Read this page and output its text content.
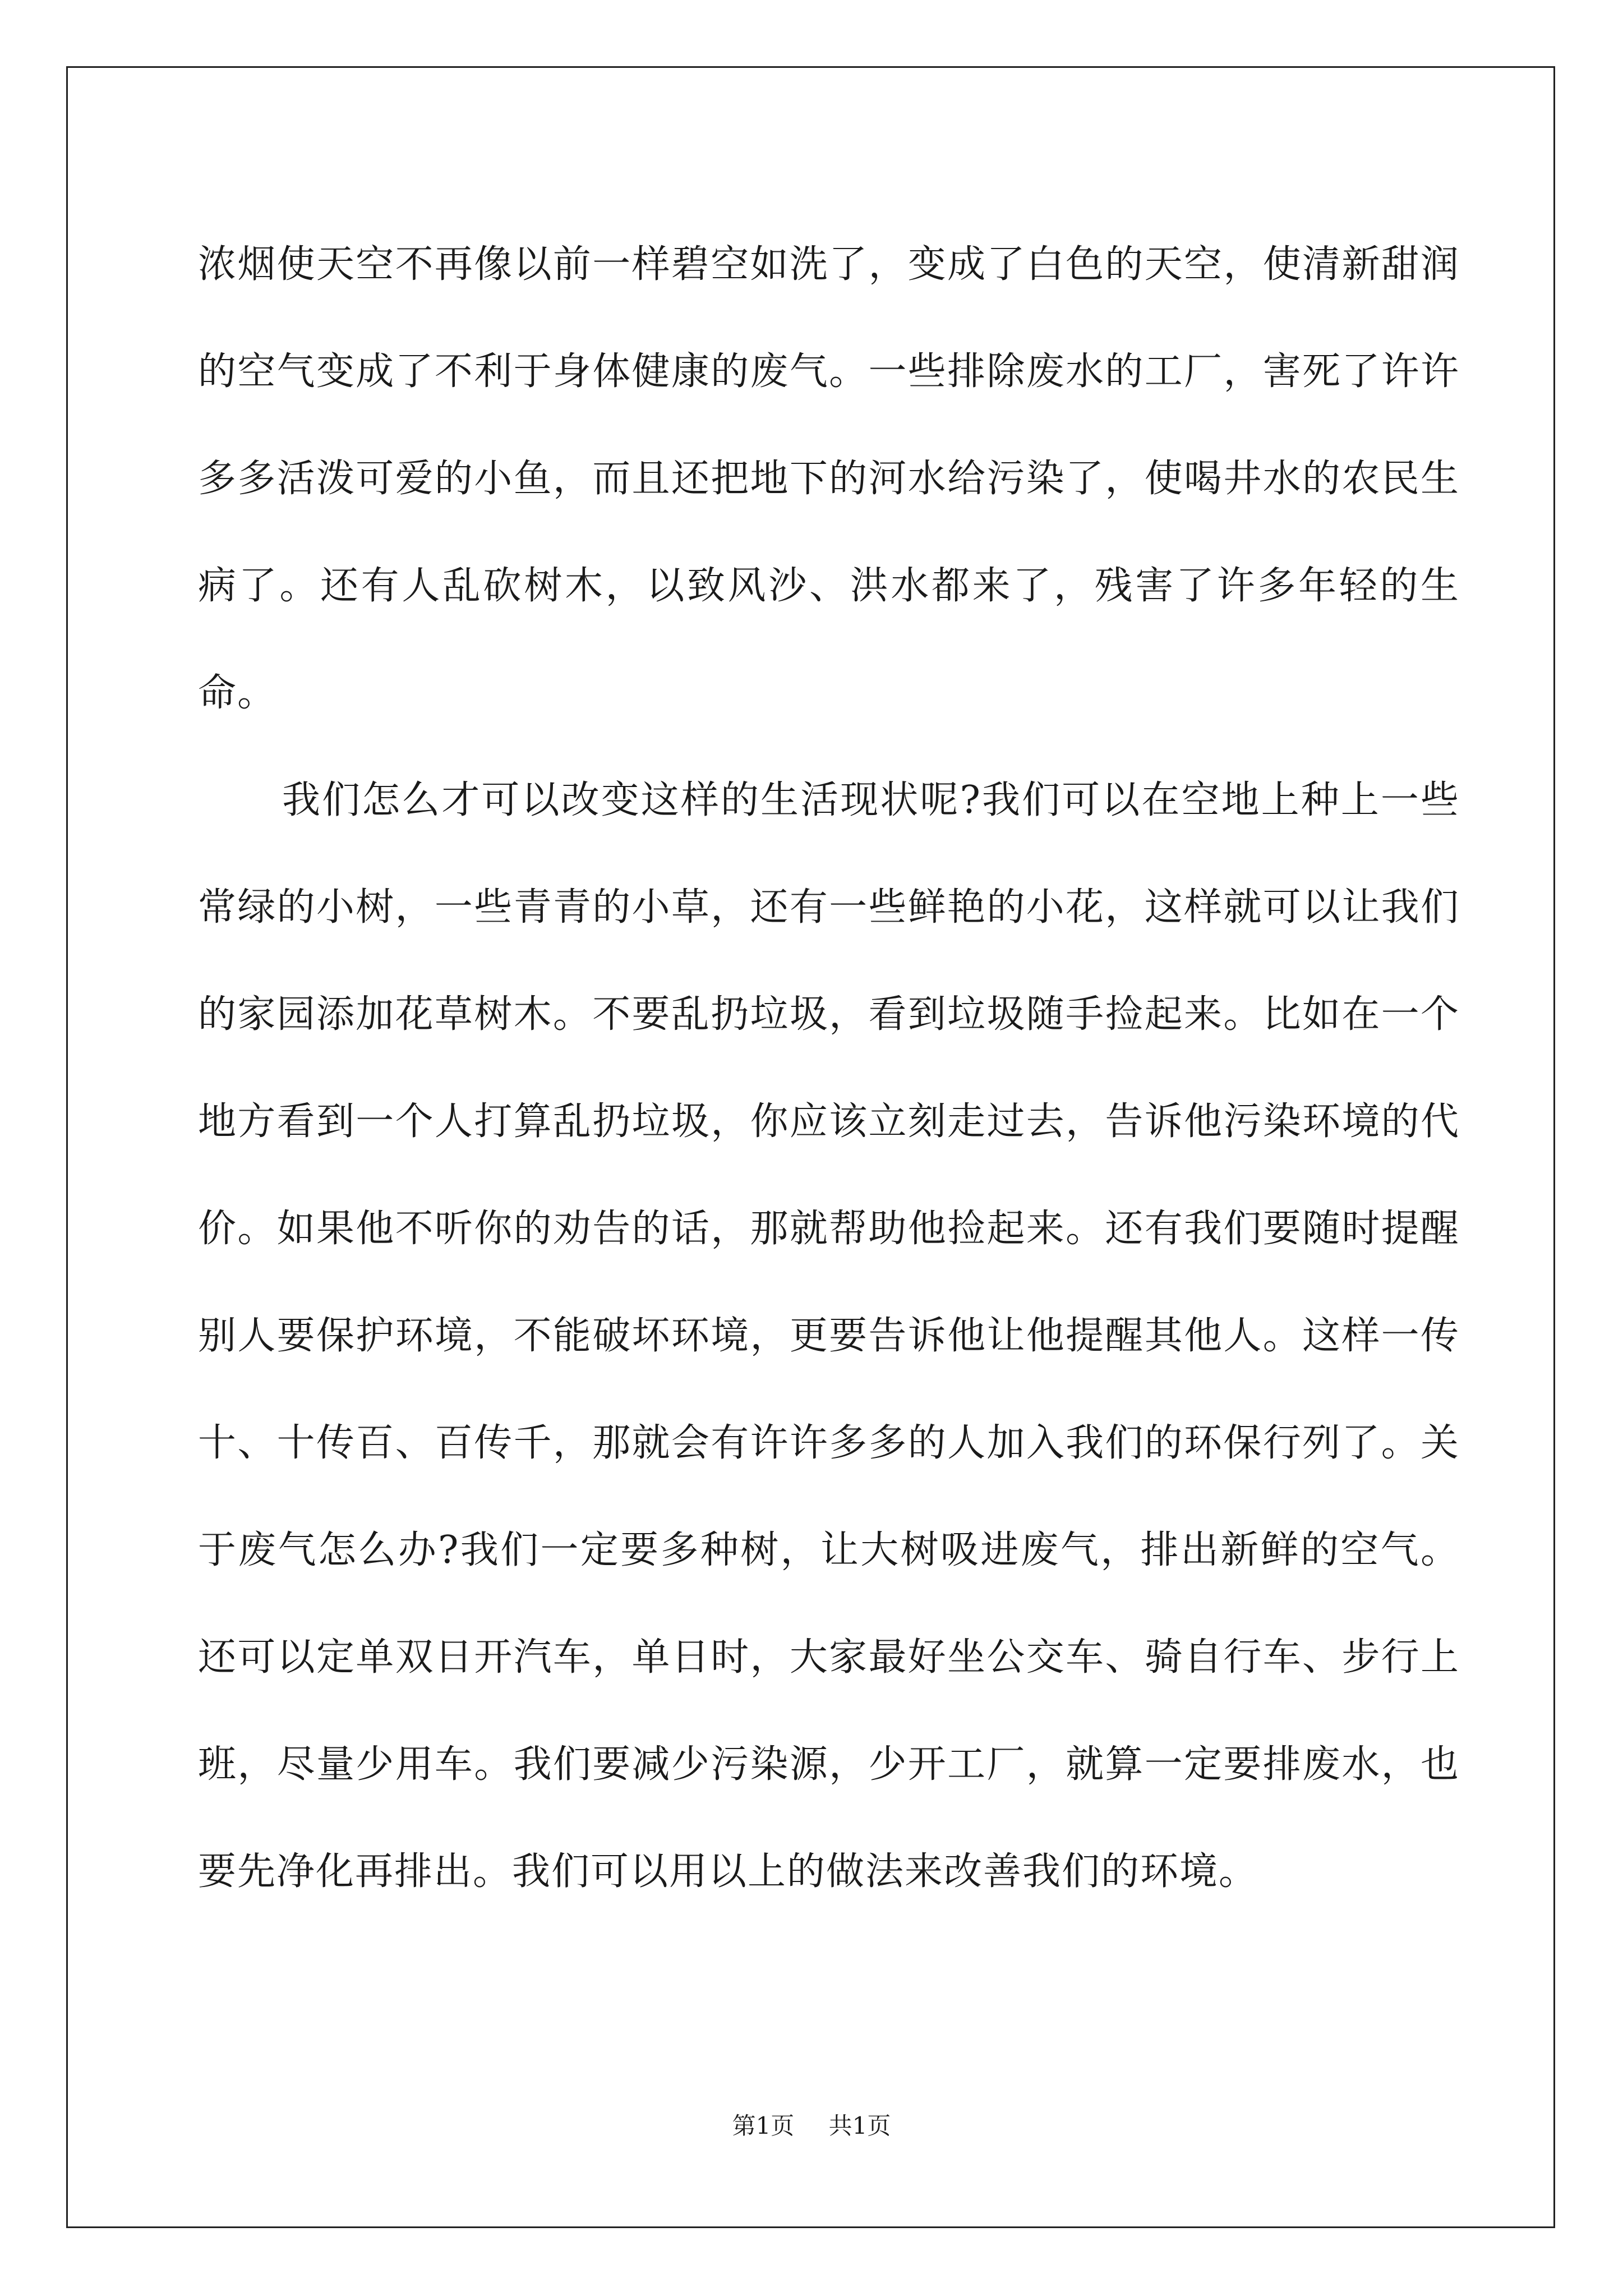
浓烟使天空不再像以前一样碧空如洗了，变成了白色的天空，使清新甜润的空气变成了不利于身体健康的废气。一些排除废水的工厂，害死了许许多多活泼可爱的小鱼，而且还把地下的河水给污染了，使喝井水的农民生病了。还有人乱砍树木，以致风沙、洪水都来了，残害了许多年轻的生命。

我们怎么才可以改变这样的生活现状呢?我们可以在空地上种上一些常绿的小树，一些青青的小草，还有一些鲜艳的小花，这样就可以让我们的家园添加花草树木。不要乱扔垃圾，看到垃圾随手捡起来。比如在一个地方看到一个人打算乱扔垃圾，你应该立刻走过去，告诉他污染环境的代价。如果他不听你的劝告的话，那就帮助他捡起来。还有我们要随时提醒别人要保护环境，不能破坏环境，更要告诉他让他提醒其他人。这样一传十、十传百、百传千，那就会有许许多多的人加入我们的环保行列了。关于废气怎么办?我们一定要多种树，让大树吸进废气，排出新鲜的空气。还可以定单双日开汽车，单日时，大家最好坐公交车、骑自行车、步行上班，尽量少用车。我们要减少污染源，少开工厂，就算一定要排废水，也要先净化再排出。我们可以用以上的做法来改善我们的环境。

第1页 共1页
